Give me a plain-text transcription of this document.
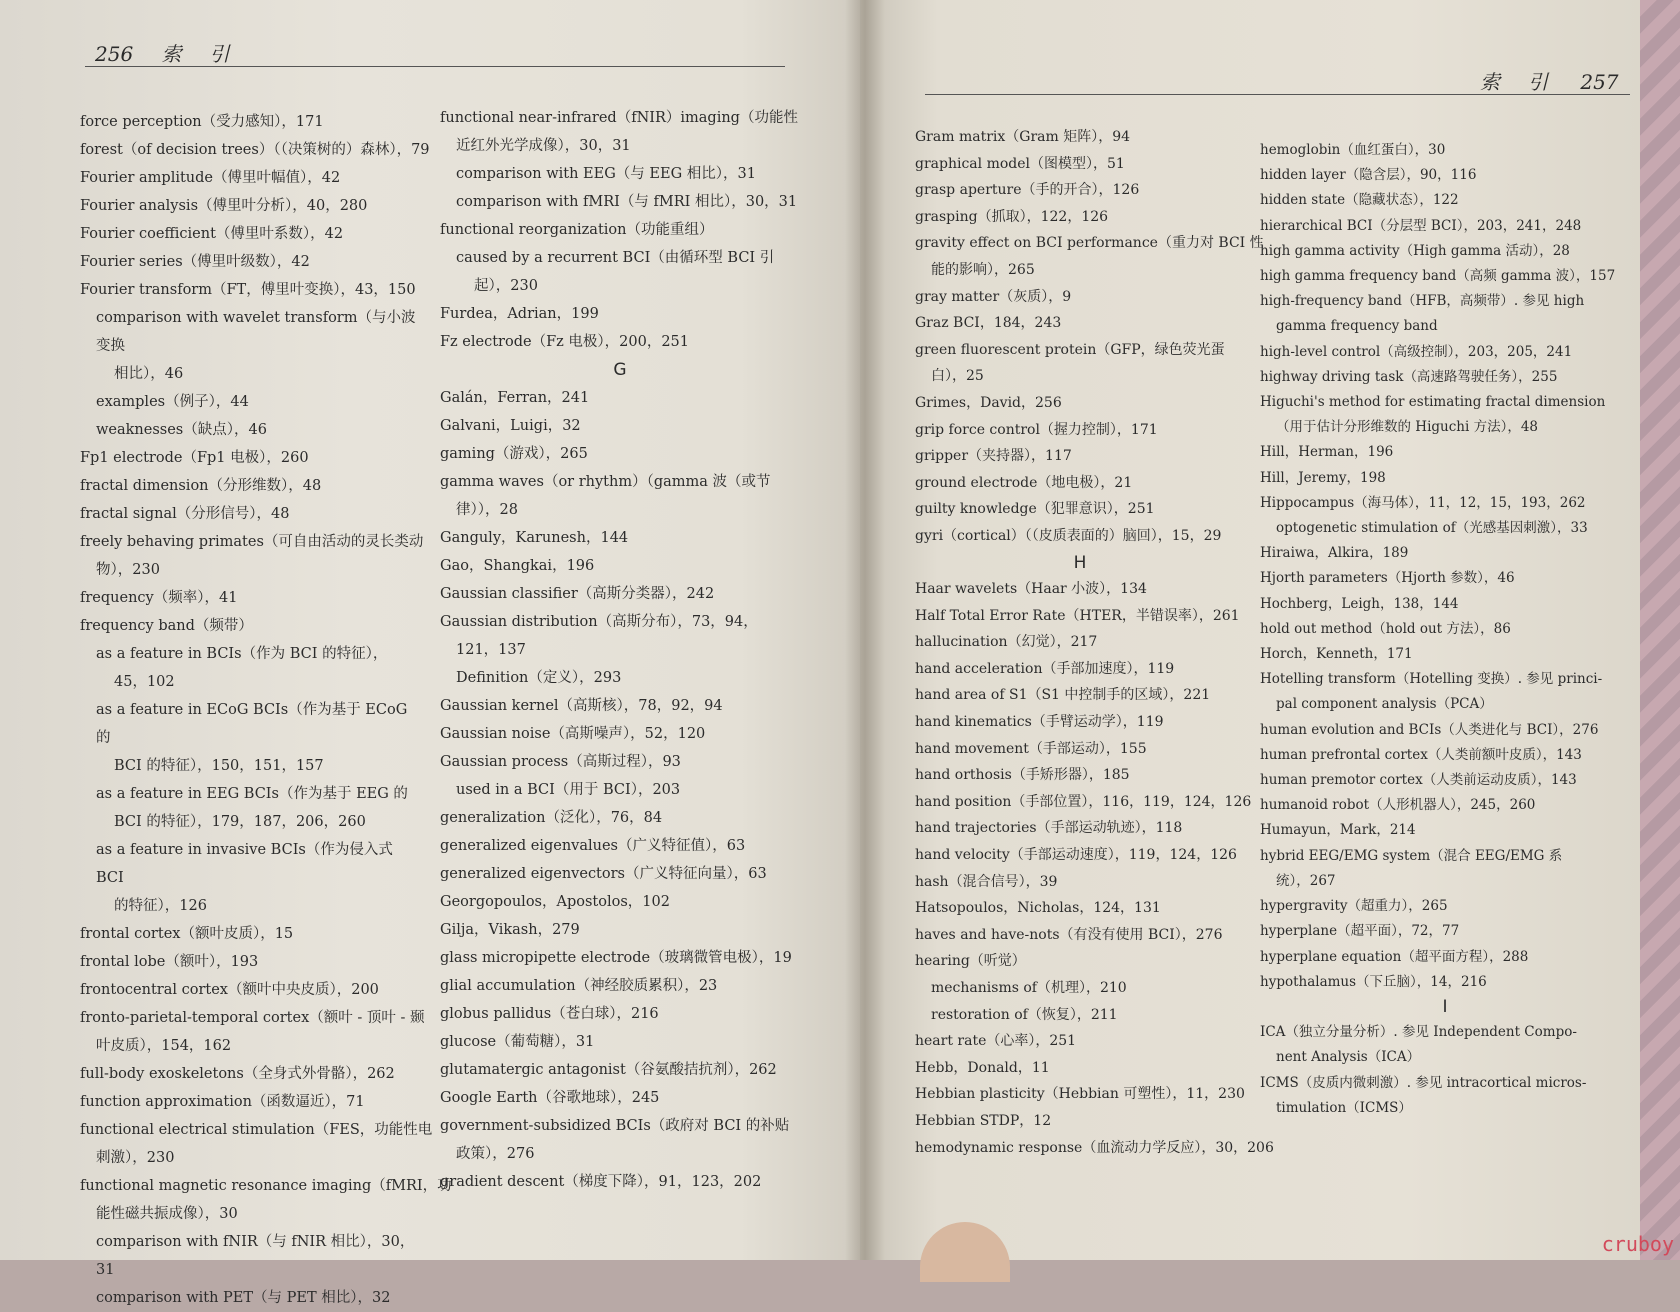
256 索　引
索　引 257
force perception（受力感知），171
forest（of decision trees）（（决策树的）森林），79
Fourier amplitude（傅里叶幅值），42
Fourier analysis（傅里叶分析），40，280
Fourier coefficient（傅里叶系数），42
Fourier series（傅里叶级数），42
Fourier transform（FT，傅里叶变换），43，150
comparison with wavelet transform（与小波变换
相比），46
examples（例子），44
weaknesses（缺点），46
Fp1 electrode（Fp1 电极），260
fractal dimension（分形维数），48
fractal signal（分形信号），48
freely behaving primates（可自由活动的灵长类动
物），230
frequency（频率），41
frequency band（频带）
as a feature in BCIs（作为 BCI 的特征），
45，102
as a feature in ECoG BCIs（作为基于 ECoG 的
BCI 的特征），150，151，157
as a feature in EEG BCIs（作为基于 EEG 的
BCI 的特征），179，187，206，260
as a feature in invasive BCIs（作为侵入式 BCI
的特征），126
frontal cortex（额叶皮质），15
frontal lobe（额叶），193
frontocentral cortex（额叶中央皮质），200
fronto-parietal-temporal cortex（额叶 - 顶叶 - 颞
叶皮质），154，162
full-body exoskeletons（全身式外骨骼），262
function approximation（函数逼近），71
functional electrical stimulation（FES，功能性电
刺激），230
functional magnetic resonance imaging（fMRI，功
能性磁共振成像），30
comparison with fNIR（与 fNIR 相比），30，31
comparison with PET（与 PET 相比），32
functional near-infrared（fNIR）imaging（功能性
近红外光学成像），30，31
comparison with EEG（与 EEG 相比），31
comparison with fMRI（与 fMRI 相比），30，31
functional reorganization（功能重组）
caused by a recurrent BCI（由循环型 BCI 引
起），230
Furdea，Adrian，199
Fz electrode（Fz 电极），200，251
G
Galán，Ferran，241
Galvani，Luigi，32
gaming（游戏），265
gamma waves（or rhythm）（gamma 波（或节
律）），28
Ganguly，Karunesh，144
Gao，Shangkai，196
Gaussian classifier（高斯分类器），242
Gaussian distribution（高斯分布），73，94，
121，137
Definition（定义），293
Gaussian kernel（高斯核），78，92，94
Gaussian noise（高斯噪声），52，120
Gaussian process（高斯过程），93
used in a BCI（用于 BCI），203
generalization（泛化），76，84
generalized eigenvalues（广义特征值），63
generalized eigenvectors（广义特征向量），63
Georgopoulos，Apostolos，102
Gilja，Vikash，279
glass micropipette electrode（玻璃微管电极），19
glial accumulation（神经胶质累积），23
globus pallidus（苍白球），216
glucose（葡萄糖），31
glutamatergic antagonist（谷氨酸拮抗剂），262
Google Earth（谷歌地球），245
government-subsidized BCIs（政府对 BCI 的补贴
政策），276
gradient descent（梯度下降），91，123，202
Gram matrix（Gram 矩阵），94
graphical model（图模型），51
grasp aperture（手的开合），126
grasping（抓取），122，126
gravity effect on BCI performance（重力对 BCI 性
能的影响），265
gray matter（灰质），9
Graz BCI，184，243
green fluorescent protein（GFP，绿色荧光蛋
白），25
Grimes，David，256
grip force control（握力控制），171
gripper（夹持器），117
ground electrode（地电极），21
guilty knowledge（犯罪意识），251
gyri（cortical）（（皮质表面的）脑回），15，29
H
Haar wavelets（Haar 小波），134
Half Total Error Rate（HTER，半错误率），261
hallucination（幻觉），217
hand acceleration（手部加速度），119
hand area of S1（S1 中控制手的区域），221
hand kinematics（手臂运动学），119
hand movement（手部运动），155
hand orthosis（手矫形器），185
hand position（手部位置），116，119，124，126
hand trajectories（手部运动轨迹），118
hand velocity（手部运动速度），119，124，126
hash（混合信号），39
Hatsopoulos，Nicholas，124，131
haves and have-nots（有没有使用 BCI），276
hearing（听觉）
mechanisms of（机理），210
restoration of（恢复），211
heart rate（心率），251
Hebb，Donald，11
Hebbian plasticity（Hebbian 可塑性），11，230
Hebbian STDP，12
hemodynamic response（血流动力学反应），30，206
hemoglobin（血红蛋白），30
hidden layer（隐含层），90，116
hidden state（隐藏状态），122
hierarchical BCI（分层型 BCI），203，241，248
high gamma activity（High gamma 活动），28
high gamma frequency band（高频 gamma 波），157
high-frequency band（HFB，高频带）. 参见 high
gamma frequency band
high-level control（高级控制），203，205，241
highway driving task（高速路驾驶任务），255
Higuchi's method for estimating fractal dimension
（用于估计分形维数的 Higuchi 方法），48
Hill，Herman，196
Hill，Jeremy，198
Hippocampus（海马体），11，12，15，193，262
optogenetic stimulation of（光感基因刺激），33
Hiraiwa，Alkira，189
Hjorth parameters（Hjorth 参数），46
Hochberg，Leigh，138，144
hold out method（hold out 方法），86
Horch，Kenneth，171
Hotelling transform（Hotelling 变换）. 参见 princi-
pal component analysis（PCA）
human evolution and BCIs（人类进化与 BCI），276
human prefrontal cortex（人类前额叶皮质），143
human premotor cortex（人类前运动皮质），143
humanoid robot（人形机器人），245，260
Humayun，Mark，214
hybrid EEG/EMG system（混合 EEG/EMG 系
统），267
hypergravity（超重力），265
hyperplane（超平面），72，77
hyperplane equation（超平面方程），288
hypothalamus（下丘脑），14，216
I
ICA（独立分量分析）. 参见 Independent Compo-
nent Analysis（ICA）
ICMS（皮质内微刺激）. 参见 intracortical micros-
timulation（ICMS）
cruboy
